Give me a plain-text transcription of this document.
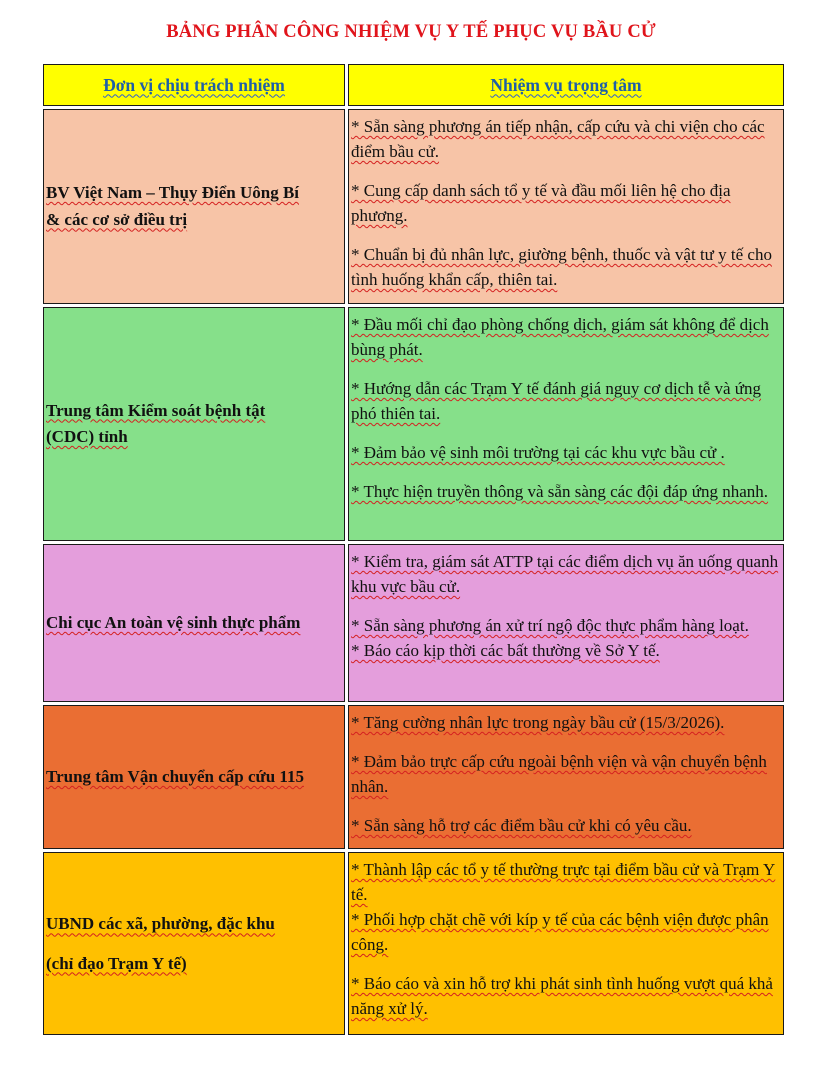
BẢNG PHÂN CÔNG NHIỆM VỤ Y TẾ PHỤC VỤ BẦU CỬ
Đơn vị chịu trách nhiệm	Nhiệm vụ trọng tâm
BV Việt Nam – Thụy Điển Uông Bí
& các cơ sở điều trị

* Sẵn sàng phương án tiếp nhận, cấp cứu và chi viện cho các điểm bầu cử.

* Cung cấp danh sách tổ y tế và đầu mối liên hệ cho địa phương.

* Chuẩn bị đủ nhân lực, giường bệnh, thuốc và vật tư y tế cho tình huống khẩn cấp, thiên tai.

Trung tâm Kiểm soát bệnh tật
(CDC) tỉnh

* Đầu mối chỉ đạo phòng chống dịch, giám sát không để dịch bùng phát.

* Hướng dẫn các Trạm Y tế đánh giá nguy cơ dịch tễ và ứng phó thiên tai.

* Đảm bảo vệ sinh môi trường tại các khu vực bầu cử .

* Thực hiện truyền thông và sẵn sàng các đội đáp ứng nhanh.

Chi cục An toàn vệ sinh thực phẩm

* Kiểm tra, giám sát ATTP tại các điểm dịch vụ ăn uống quanh khu vực bầu cử.

* Sẵn sàng phương án xử trí ngộ độc thực phẩm hàng loạt.

* Báo cáo kịp thời các bất thường về Sở Y tế.

Trung tâm Vận chuyển cấp cứu 115

* Tăng cường nhân lực trong ngày bầu cử (15/3/2026).

* Đảm bảo trực cấp cứu ngoài bệnh viện và vận chuyển bệnh nhân.

* Sẵn sàng hỗ trợ các điểm bầu cử khi có yêu cầu.

UBND các xã, phường, đặc khu
(chỉ đạo Trạm Y tế)

* Thành lập các tổ y tế thường trực tại điểm bầu cử và Trạm Y tế.

* Phối hợp chặt chẽ với kíp y tế của các bệnh viện được phân công.

* Báo cáo và xin hỗ trợ khi phát sinh tình huống vượt quá khả năng xử lý.
